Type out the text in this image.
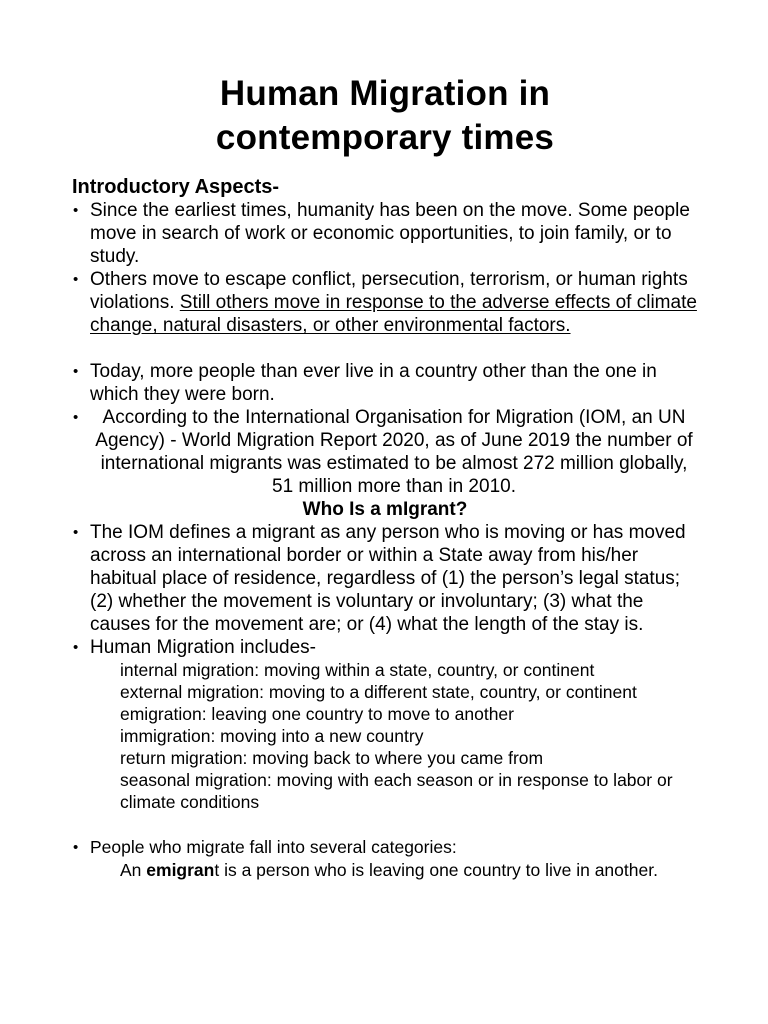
Human Migration in
contemporary times
Introductory Aspects-
• Since the earliest times, humanity has been on the move. Some people move in search of work or economic opportunities, to join family, or to study.
• Others move to escape conflict, persecution, terrorism, or human rights violations. Still others move in response to the adverse effects of climate change, natural disasters, or other environmental factors.
• Today, more people than ever live in a country other than the one in which they were born.
• According to the International Organisation for Migration (IOM, an UN Agency) - World Migration Report 2020, as of June 2019 the number of international migrants was estimated to be almost 272 million globally, 51 million more than in 2010.
Who Is a mIgrant?
• The IOM defines a migrant as any person who is moving or has moved across an international border or within a State away from his/her habitual place of residence, regardless of (1) the person’s legal status; (2) whether the movement is voluntary or involuntary; (3) what the causes for the movement are; or (4) what the length of the stay is.
• Human Migration includes-
internal migration: moving within a state, country, or continent
external migration: moving to a different state, country, or continent
emigration: leaving one country to move to another
immigration: moving into a new country
return migration: moving back to where you came from
seasonal migration: moving with each season or in response to labor or climate conditions
• People who migrate fall into several categories:
An emigrant is a person who is leaving one country to live in another.
